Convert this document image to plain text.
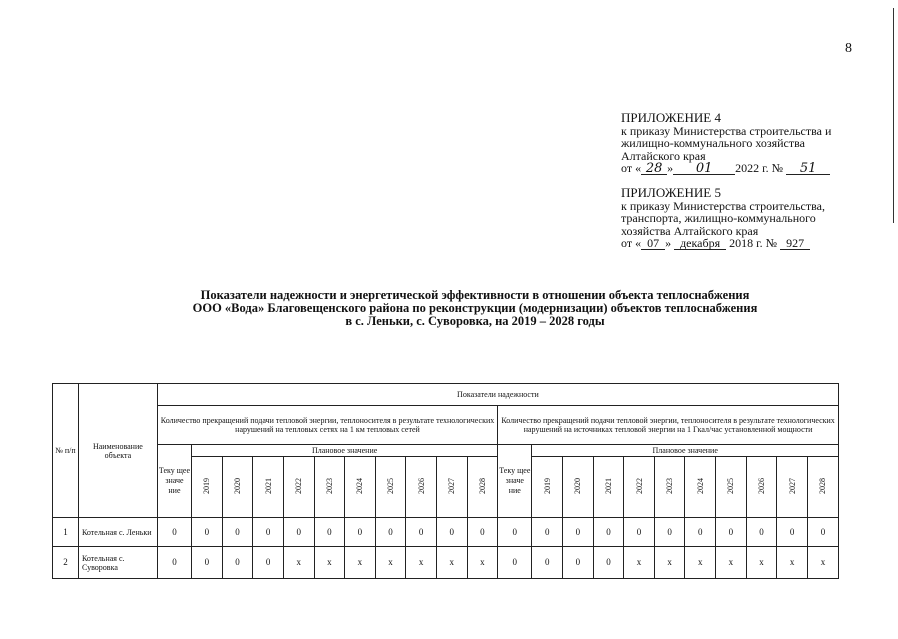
8
ПРИЛОЖЕНИЕ 4
к приказу Министерства строительства и
жилищно-коммунального хозяйства
Алтайского края
от « 28 » 01 2022 г. № 51
ПРИЛОЖЕНИЕ 5
к приказу Министерства строительства,
транспорта, жилищно-коммунального
хозяйства Алтайского края
от « 07 » декабря 2018 г. № 927
Показатели надежности и энергетической эффективности в отношении объекта теплоснабжения
ООО «Вода» Благовещенского района по реконструкции (модернизации) объектов теплоснабжения
в с. Леньки, с. Суворовка, на 2019 – 2028 годы
№ п/п	Наименование объекта	Показатели надежности																					
		Количество прекращений подачи тепловой энергии, теплоносителя в результате технологических нарушений на тепловых сетях на 1 км тепловых сетей											Количество прекращений подачи тепловой энергии, теплоносителя в результате технологических нарушений на источниках тепловой энергии на 1 Гкал/час установленной мощности										
		Теку щее значе ние	Плановое значение										Теку щее значе ние	Плановое значение									
			2019	2020	2021	2022	2023	2024	2025	2026	2027	2028		2019	2020	2021	2022	2023	2024	2025	2026	2027	2028
1	Котельная с. Леньки	0	0	0	0	0	0	0	0	0	0	0	0	0	0	0	0	0	0	0	0	0	0
2	Котельная с. Суворовка	0	0	0	0	х	х	х	х	х	х	х	0	0	0	0	х	х	х	х	х	х	х
